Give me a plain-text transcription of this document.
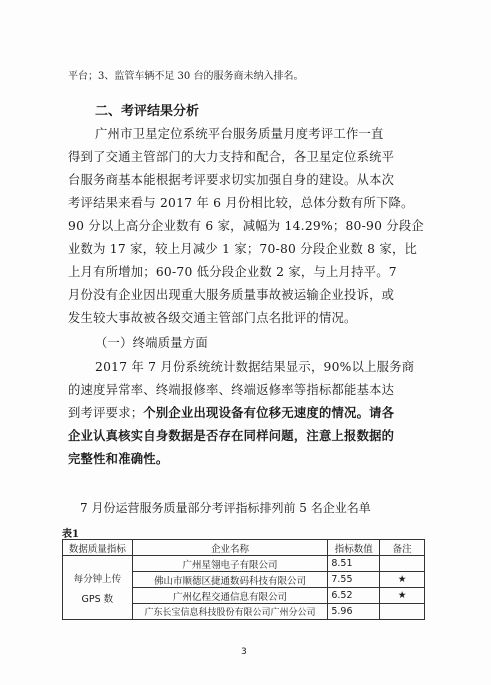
平台；3、监管车辆不足 30 台的服务商未纳入排名。
二、考评结果分析
广州市卫星定位系统平台服务质量月度考评工作一直
得到了交通主管部门的大力支持和配合，各卫星定位系统平
台服务商基本能根据考评要求切实加强自身的建设。从本次
考评结果来看与 2017 年 6 月份相比较，总体分数有所下降。
90 分以上高分企业数有 6 家，减幅为 14.29%；80-90 分段企
业数为 17 家，较上月减少 1 家；70-80 分段企业数 8 家，比
上月有所增加；60-70 低分段企业数 2 家，与上月持平。7
月份没有企业因出现重大服务质量事故被运输企业投诉，或
发生较大事故被各级交通主管部门点名批评的情况。
（一）终端质量方面
2017 年 7 月份系统统计数据结果显示，90%以上服务商
的速度异常率、终端报修率、终端返修率等指标都能基本达
到考评要求；个别企业出现设备有位移无速度的情况。请各
企业认真核实自身数据是否存在同样问题，注意上报数据的
完整性和准确性。
7 月份运营服务质量部分考评指标排列前 5 名企业名单
表1
数据质量指标	企业名称	指标数值	备注

每分钟上传
GPS 数	广州星翎电子有限公司	8.51	
	佛山市顺德区捷通数码科技有限公司	7.55	★
	广州亿程交通信息有限公司	6.52	★
	广东长宝信息科技股份有限公司广州分公司	5.96	
3
